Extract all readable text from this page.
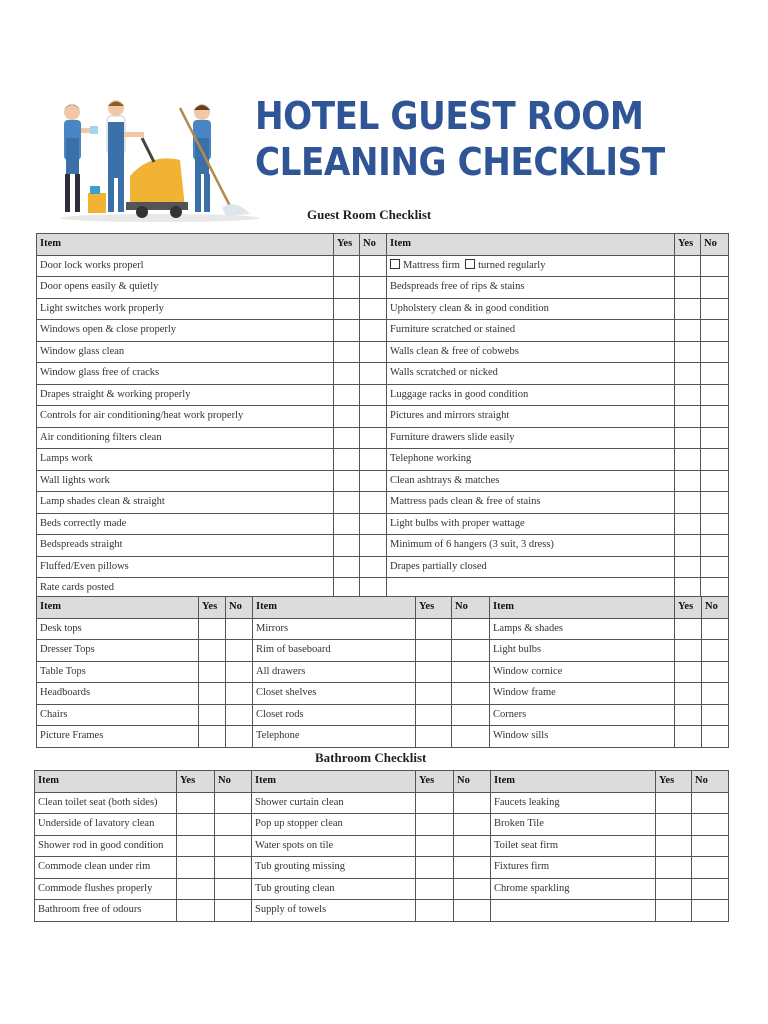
HOTEL GUEST ROOM
CLEANING CHECKLIST
Guest Room Checklist
Item	Yes	No	Item	Yes	No
Door lock works properl			Mattress firm turned regularly		
Door opens easily & quietly			Bedspreads free of rips & stains		
Light switches work properly			Upholstery clean & in good condition		
Windows open & close properly			Furniture scratched or stained		
Window glass clean			Walls clean & free of cobwebs		
Window glass free of cracks			Walls scratched or nicked		
Drapes straight & working properly			Luggage racks in good condition		
Controls for air conditioning/heat work properly			Pictures and mirrors straight		
Air conditioning filters clean			Furniture drawers slide easily		
Lamps work			Telephone working		
Wall lights work			Clean ashtrays & matches		
Lamp shades clean & straight			Mattress pads clean & free of stains		
Beds correctly made			Light bulbs with proper wattage		
Bedspreads straight			Minimum of 6 hangers (3 suit, 3 dress)		
Fluffed/Even pillows			Drapes partially closed		
Rate cards posted					
Item	Yes	No	Item	Yes	No	Item	Yes	No
Desk tops			Mirrors			Lamps & shades		
Dresser Tops			Rim of baseboard			Light bulbs		
Table Tops			All drawers			Window cornice		
Headboards			Closet shelves			Window frame		
Chairs			Closet rods			Corners		
Picture Frames			Telephone			Window sills		
Bathroom Checklist
Item	Yes	No	Item	Yes	No	Item	Yes	No
Clean toilet seat (both sides)			Shower curtain clean			Faucets leaking		
Underside of lavatory clean			Pop up stopper clean			Broken Tile		
Shower rod in good condition			Water spots on tile			Toilet seat firm		
Commode clean under rim			Tub grouting missing			Fixtures firm		
Commode flushes properly			Tub grouting clean			Chrome sparkling		
Bathroom free of odours			Supply of towels					
